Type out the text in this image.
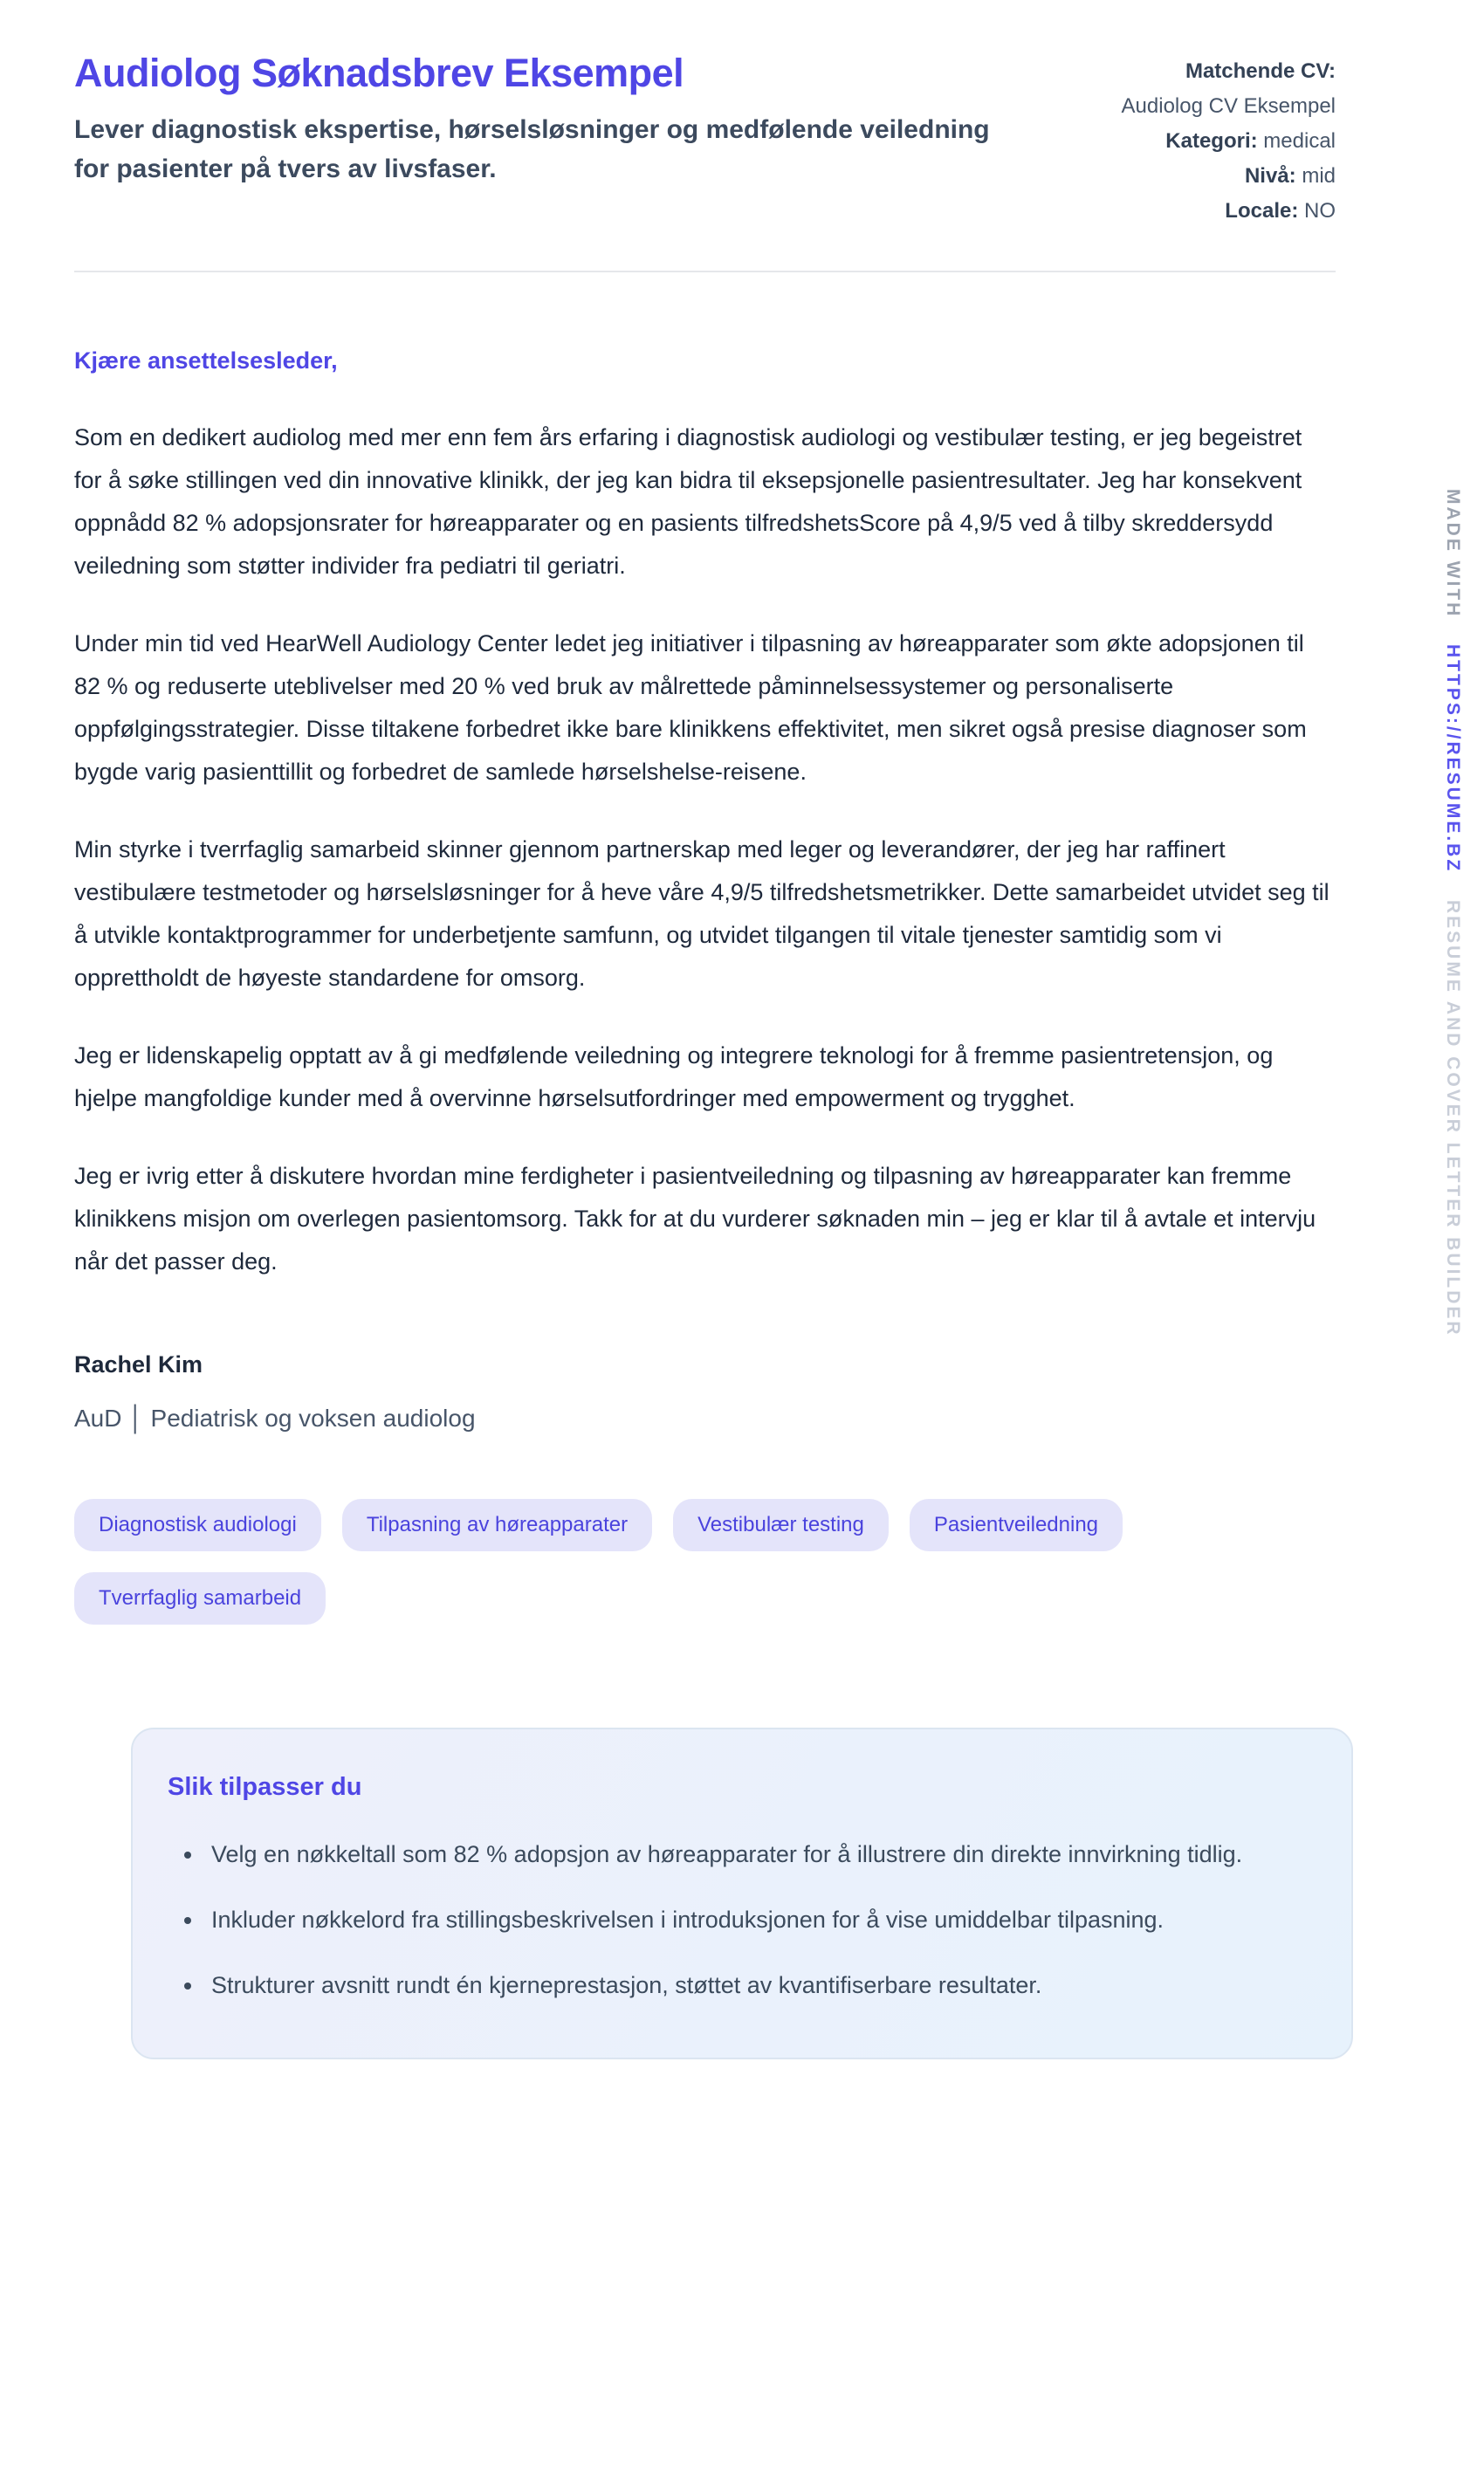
Audiolog Søknadsbrev Eksempel

Lever diagnostisk ekspertise, hørselsløsninger og medfølende veiledning for pasienter på tvers av livsfaser.

Matchende CV:
Audiolog CV Eksempel
Kategori: medical
Nivå: mid
Locale: NO

Kjære ansettelsesleder,

Som en dedikert audiolog med mer enn fem års erfaring i diagnostisk audiologi og vestibulær testing, er jeg begeistret for å søke stillingen ved din innovative klinikk, der jeg kan bidra til eksepsjonelle pasientresultater. Jeg har konsekvent oppnådd 82 % adopsjonsrater for høreapparater og en pasients tilfredshetsScore på 4,9/5 ved å tilby skreddersydd veiledning som støtter individer fra pediatri til geriatri.

Under min tid ved HearWell Audiology Center ledet jeg initiativer i tilpasning av høreapparater som økte adopsjonen til 82 % og reduserte uteblivelser med 20 % ved bruk av målrettede påminnelsessystemer og personaliserte oppfølgingsstrategier. Disse tiltakene forbedret ikke bare klinikkens effektivitet, men sikret også presise diagnoser som bygde varig pasienttillit og forbedret de samlede hørselshelse-reisene.

Min styrke i tverrfaglig samarbeid skinner gjennom partnerskap med leger og leverandører, der jeg har raffinert vestibulære testmetoder og hørselsløsninger for å heve våre 4,9/5 tilfredshetsmetrikker. Dette samarbeidet utvidet seg til å utvikle kontaktprogrammer for underbetjente samfunn, og utvidet tilgangen til vitale tjenester samtidig som vi opprettholdt de høyeste standardene for omsorg.

Jeg er lidenskapelig opptatt av å gi medfølende veiledning og integrere teknologi for å fremme pasientretensjon, og hjelpe mangfoldige kunder med å overvinne hørselsutfordringer med empowerment og trygghet.

Jeg er ivrig etter å diskutere hvordan mine ferdigheter i pasientveiledning og tilpasning av høreapparater kan fremme klinikkens misjon om overlegen pasientomsorg. Takk for at du vurderer søknaden min – jeg er klar til å avtale et intervju når det passer deg.

Rachel Kim
AuD │ Pediatrisk og voksen audiolog
Diagnostisk audiologi	Tilpasning av høreapparater	Vestibulær testing	Pasientveiledning
Tverrfaglig samarbeid
Slik tilpasser du
• Velg en nøkkeltall som 82 % adopsjon av høreapparater for å illustrere din direkte innvirkning tidlig.
• Inkluder nøkkelord fra stillingsbeskrivelsen i introduksjonen for å vise umiddelbar tilpasning.
• Strukturer avsnitt rundt én kjerneprestasjon, støttet av kvantifiserbare resultater.
MADE WITH
HTTPS://RESUME.BZ
RESUME AND COVER LETTER BUILDER
